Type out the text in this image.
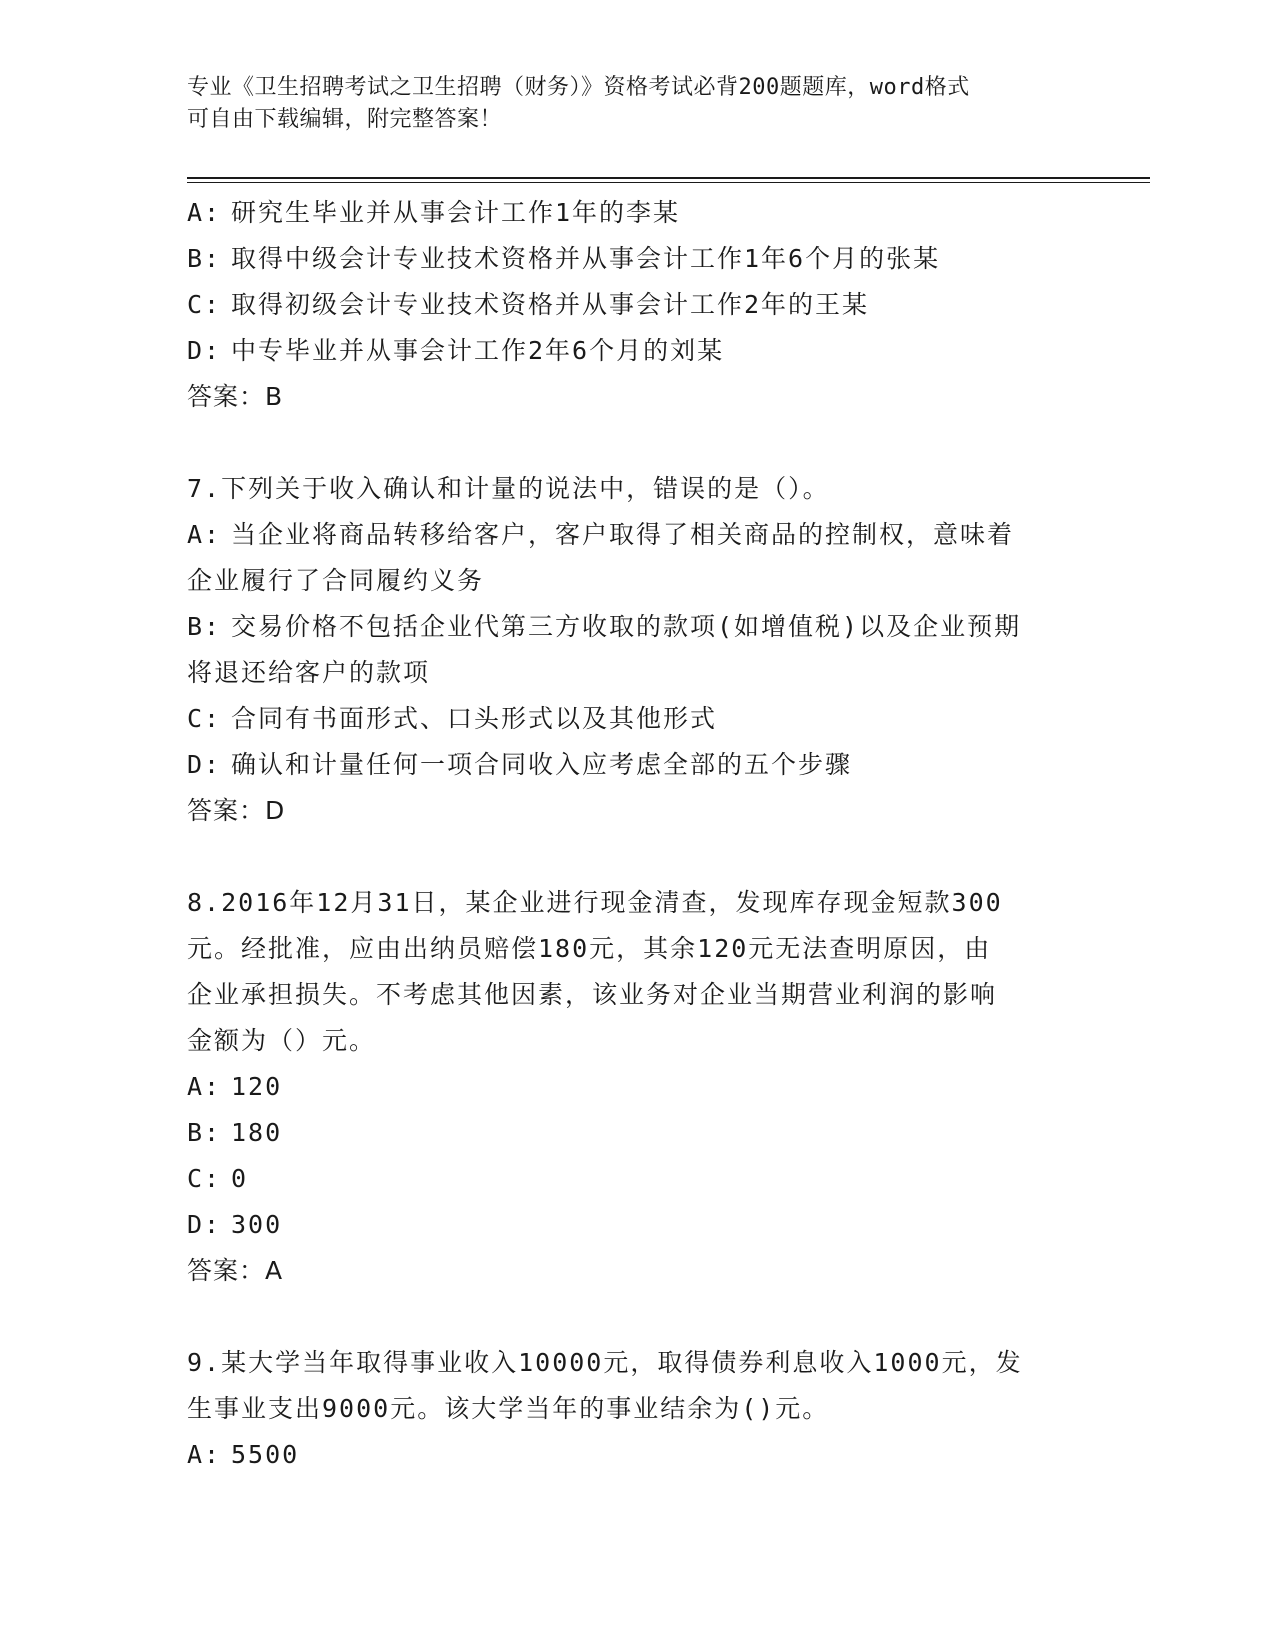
专业《卫生招聘考试之卫生招聘（财务）》资格考试必背200题题库，word格式
可自由下载编辑，附完整答案！
A: 研究生毕业并从事会计工作1年的李某
B: 取得中级会计专业技术资格并从事会计工作1年6个月的张某
C: 取得初级会计专业技术资格并从事会计工作2年的王某
D: 中专毕业并从事会计工作2年6个月的刘某
答案：B
7.下列关于收入确认和计量的说法中，错误的是（）。
A: 当企业将商品转移给客户，客户取得了相关商品的控制权，意味着
企业履行了合同履约义务
B: 交易价格不包括企业代第三方收取的款项(如增值税)以及企业预期
将退还给客户的款项
C: 合同有书面形式、口头形式以及其他形式
D: 确认和计量任何一项合同收入应考虑全部的五个步骤
答案：D
8.2016年12月31日，某企业进行现金清查，发现库存现金短款300
元。经批准，应由出纳员赔偿180元，其余120元无法查明原因，由
企业承担损失。不考虑其他因素，该业务对企业当期营业利润的影响
金额为（）元。
A: 120
B: 180
C: 0
D: 300
答案：A
9.某大学当年取得事业收入10000元，取得债券利息收入1000元，发
生事业支出9000元。该大学当年的事业结余为()元。
A: 5500
